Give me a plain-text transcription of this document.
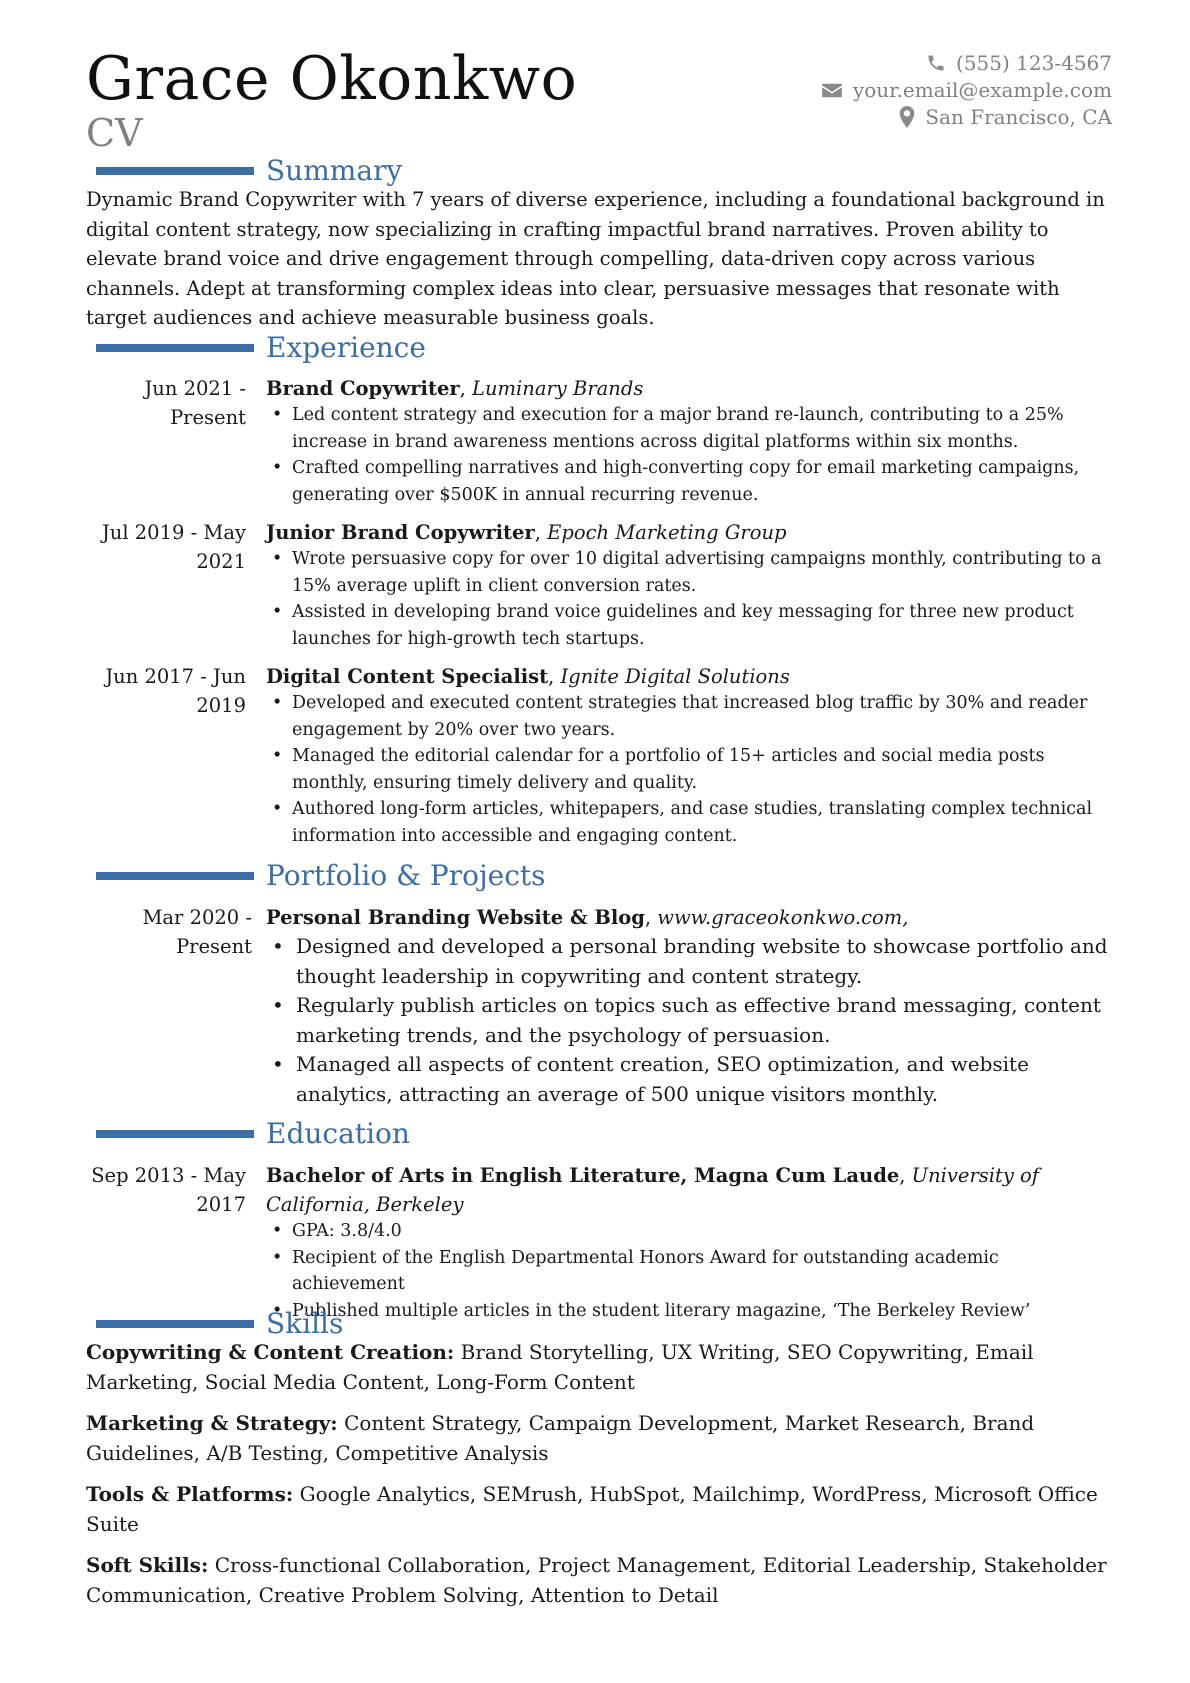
Grace Okonkwo
CV
(555) 123-4567
your.email@example.com
San Francisco, CA
Summary
Dynamic Brand Copywriter with 7 years of diverse experience, including a foundational background in digital content strategy, now specializing in crafting impactful brand narratives. Proven ability to elevate brand voice and drive engagement through compelling, data-driven copy across various channels. Adept at transforming complex ideas into clear, persuasive messages that resonate with target audiences and achieve measurable business goals.
Experience
Jun 2021 - Present
Brand Copywriter, Luminary Brands
• Led content strategy and execution for a major brand re-launch, contributing to a 25% increase in brand awareness mentions across digital platforms within six months.
• Crafted compelling narratives and high-converting copy for email marketing campaigns, generating over $500K in annual recurring revenue.
Jul 2019 - May 2021
Junior Brand Copywriter, Epoch Marketing Group
• Wrote persuasive copy for over 10 digital advertising campaigns monthly, contributing to a 15% average uplift in client conversion rates.
• Assisted in developing brand voice guidelines and key messaging for three new product launches for high-growth tech startups.
Jun 2017 - Jun 2019
Digital Content Specialist, Ignite Digital Solutions
• Developed and executed content strategies that increased blog traffic by 30% and reader engagement by 20% over two years.
• Managed the editorial calendar for a portfolio of 15+ articles and social media posts monthly, ensuring timely delivery and quality.
• Authored long-form articles, whitepapers, and case studies, translating complex technical information into accessible and engaging content.
Portfolio & Projects
Mar 2020 - Present
Personal Branding Website & Blog, www.graceokonkwo.com,
• Designed and developed a personal branding website to showcase portfolio and thought leadership in copywriting and content strategy.
• Regularly publish articles on topics such as effective brand messaging, content marketing trends, and the psychology of persuasion.
• Managed all aspects of content creation, SEO optimization, and website analytics, attracting an average of 500 unique visitors monthly.
Education
Sep 2013 - May 2017
Bachelor of Arts in English Literature, Magna Cum Laude, University of California, Berkeley
• GPA: 3.8/4.0
• Recipient of the English Departmental Honors Award for outstanding academic achievement
• Published multiple articles in the student literary magazine, ‘The Berkeley Review’
Skills
Copywriting & Content Creation: Brand Storytelling, UX Writing, SEO Copywriting, Email Marketing, Social Media Content, Long-Form Content
Marketing & Strategy: Content Strategy, Campaign Development, Market Research, Brand Guidelines, A/B Testing, Competitive Analysis
Tools & Platforms: Google Analytics, SEMrush, HubSpot, Mailchimp, WordPress, Microsoft Office Suite
Soft Skills: Cross-functional Collaboration, Project Management, Editorial Leadership, Stakeholder Communication, Creative Problem Solving, Attention to Detail
